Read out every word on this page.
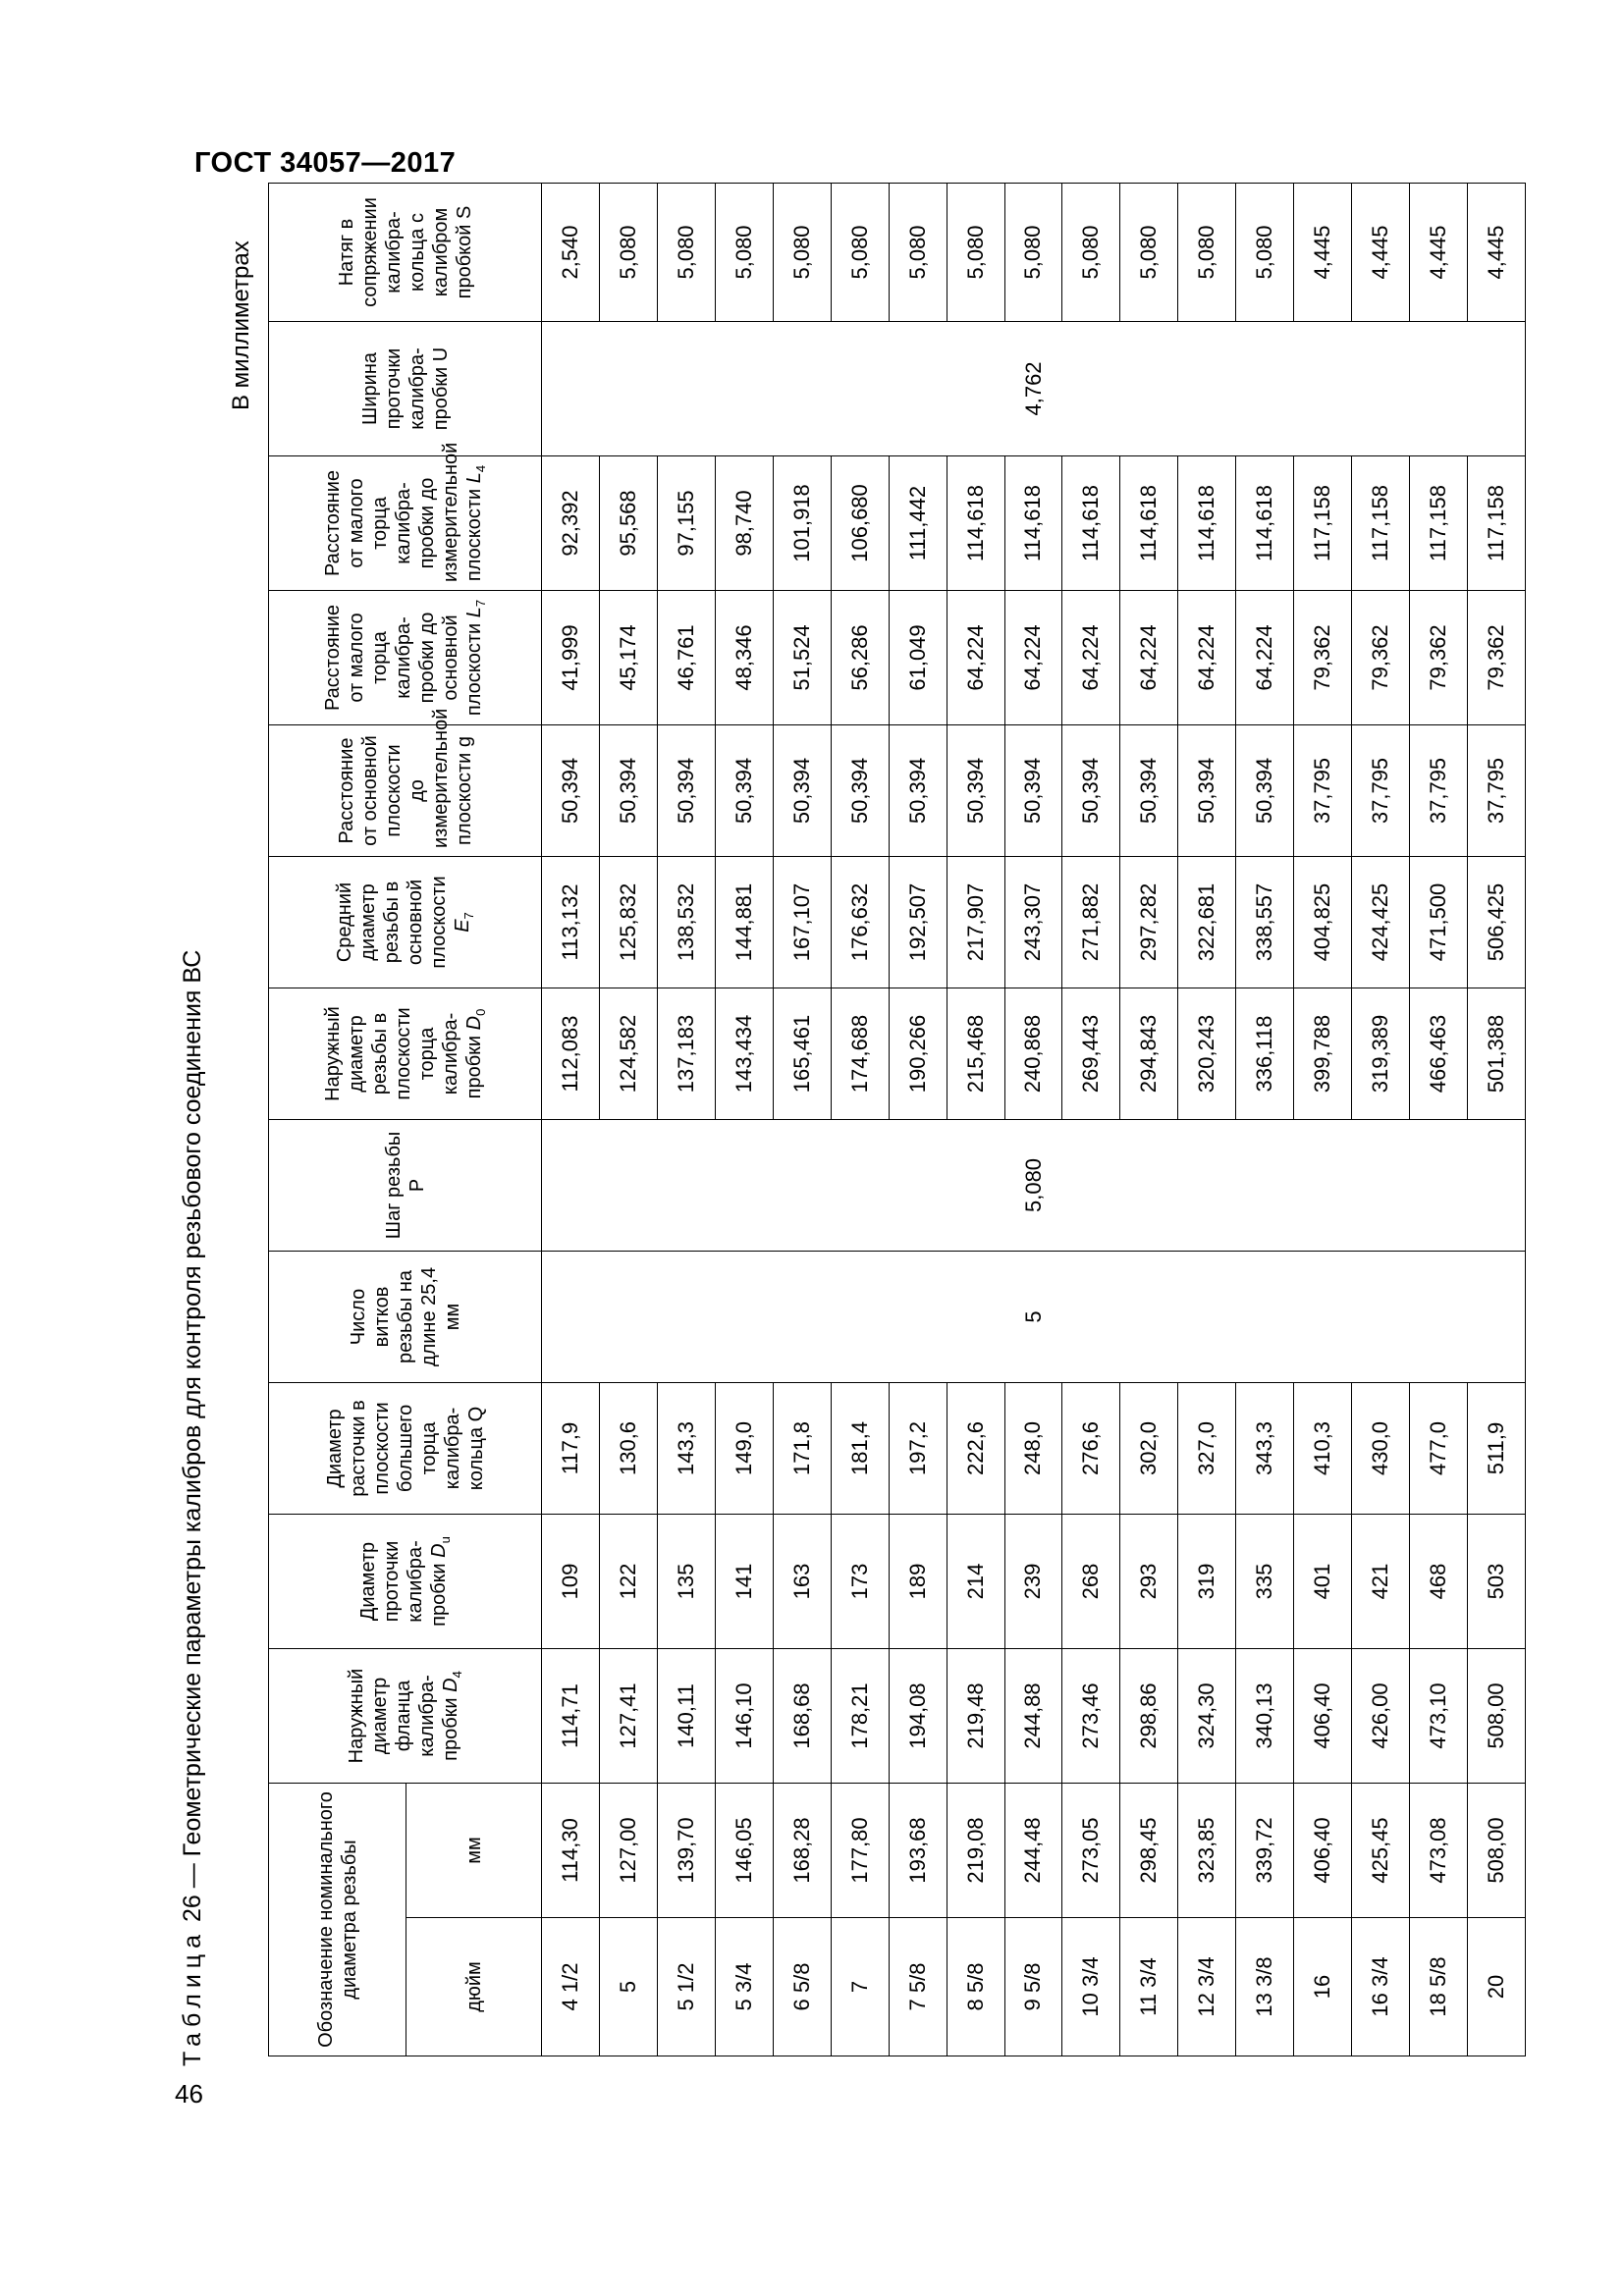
ГОСТ 34057—2017
46
Таблица 26 — Геометрические параметры калибров для контроля резьбового соединения ВС
В миллиметрах
Обозначение номинального диаметра резьбы		Наружный диаметр фланца калибра-пробки $D_4$	Диаметр проточки калибра-пробки $D_u$	Диаметр расточки в плоскости большего торца калибра-кольца Q	Число витков резьбы на длине 25,4 мм	Шаг резьбы P	Наружный диаметр резьбы в плоскости торца калибра-пробки $D_0$	Средний диаметр резьбы в основной плоскости $E_7$	Расстояние от основной плоскости до измерительной плоскости g	Расстояние от малого торца калибра-пробки до основной плоскости $L_7$	Расстояние от малого торца калибра-пробки до измерительной плоскости $L_4$	Ширина проточки калибра-пробки U	Натяг в сопряжении калибра-кольца с калибром пробкой S

дюйм	мм												

4 1/2	114,30	114,71	109	117,9	5	5,080	112,083	113,132	50,394	41,999	92,392	4,762	2,540
5	127,00	127,41	122	130,6			124,582	125,832	50,394	45,174	95,568		5,080
5 1/2	139,70	140,11	135	143,3			137,183	138,532	50,394	46,761	97,155		5,080
5 3/4	146,05	146,10	141	149,0			143,434	144,881	50,394	48,346	98,740		5,080
6 5/8	168,28	168,68	163	171,8			165,461	167,107	50,394	51,524	101,918		5,080
7	177,80	178,21	173	181,4			174,688	176,632	50,394	56,286	106,680		5,080
7 5/8	193,68	194,08	189	197,2			190,266	192,507	50,394	61,049	111,442		5,080
8 5/8	219,08	219,48	214	222,6			215,468	217,907	50,394	64,224	114,618		5,080
9 5/8	244,48	244,88	239	248,0			240,868	243,307	50,394	64,224	114,618		5,080
10 3/4	273,05	273,46	268	276,6			269,443	271,882	50,394	64,224	114,618		5,080
11 3/4	298,45	298,86	293	302,0			294,843	297,282	50,394	64,224	114,618		5,080
12 3/4	323,85	324,30	319	327,0			320,243	322,681	50,394	64,224	114,618		5,080
13 3/8	339,72	340,13	335	343,3			336,118	338,557	50,394	64,224	114,618		5,080
16	406,40	406,40	401	410,3			399,788	404,825	37,795	79,362	117,158		4,445
16 3/4	425,45	426,00	421	430,0			319,389	424,425	37,795	79,362	117,158		4,445
18 5/8	473,08	473,10	468	477,0			466,463	471,500	37,795	79,362	117,158		4,445
20	508,00	508,00	503	511,9			501,388	506,425	37,795	79,362	117,158		4,445
